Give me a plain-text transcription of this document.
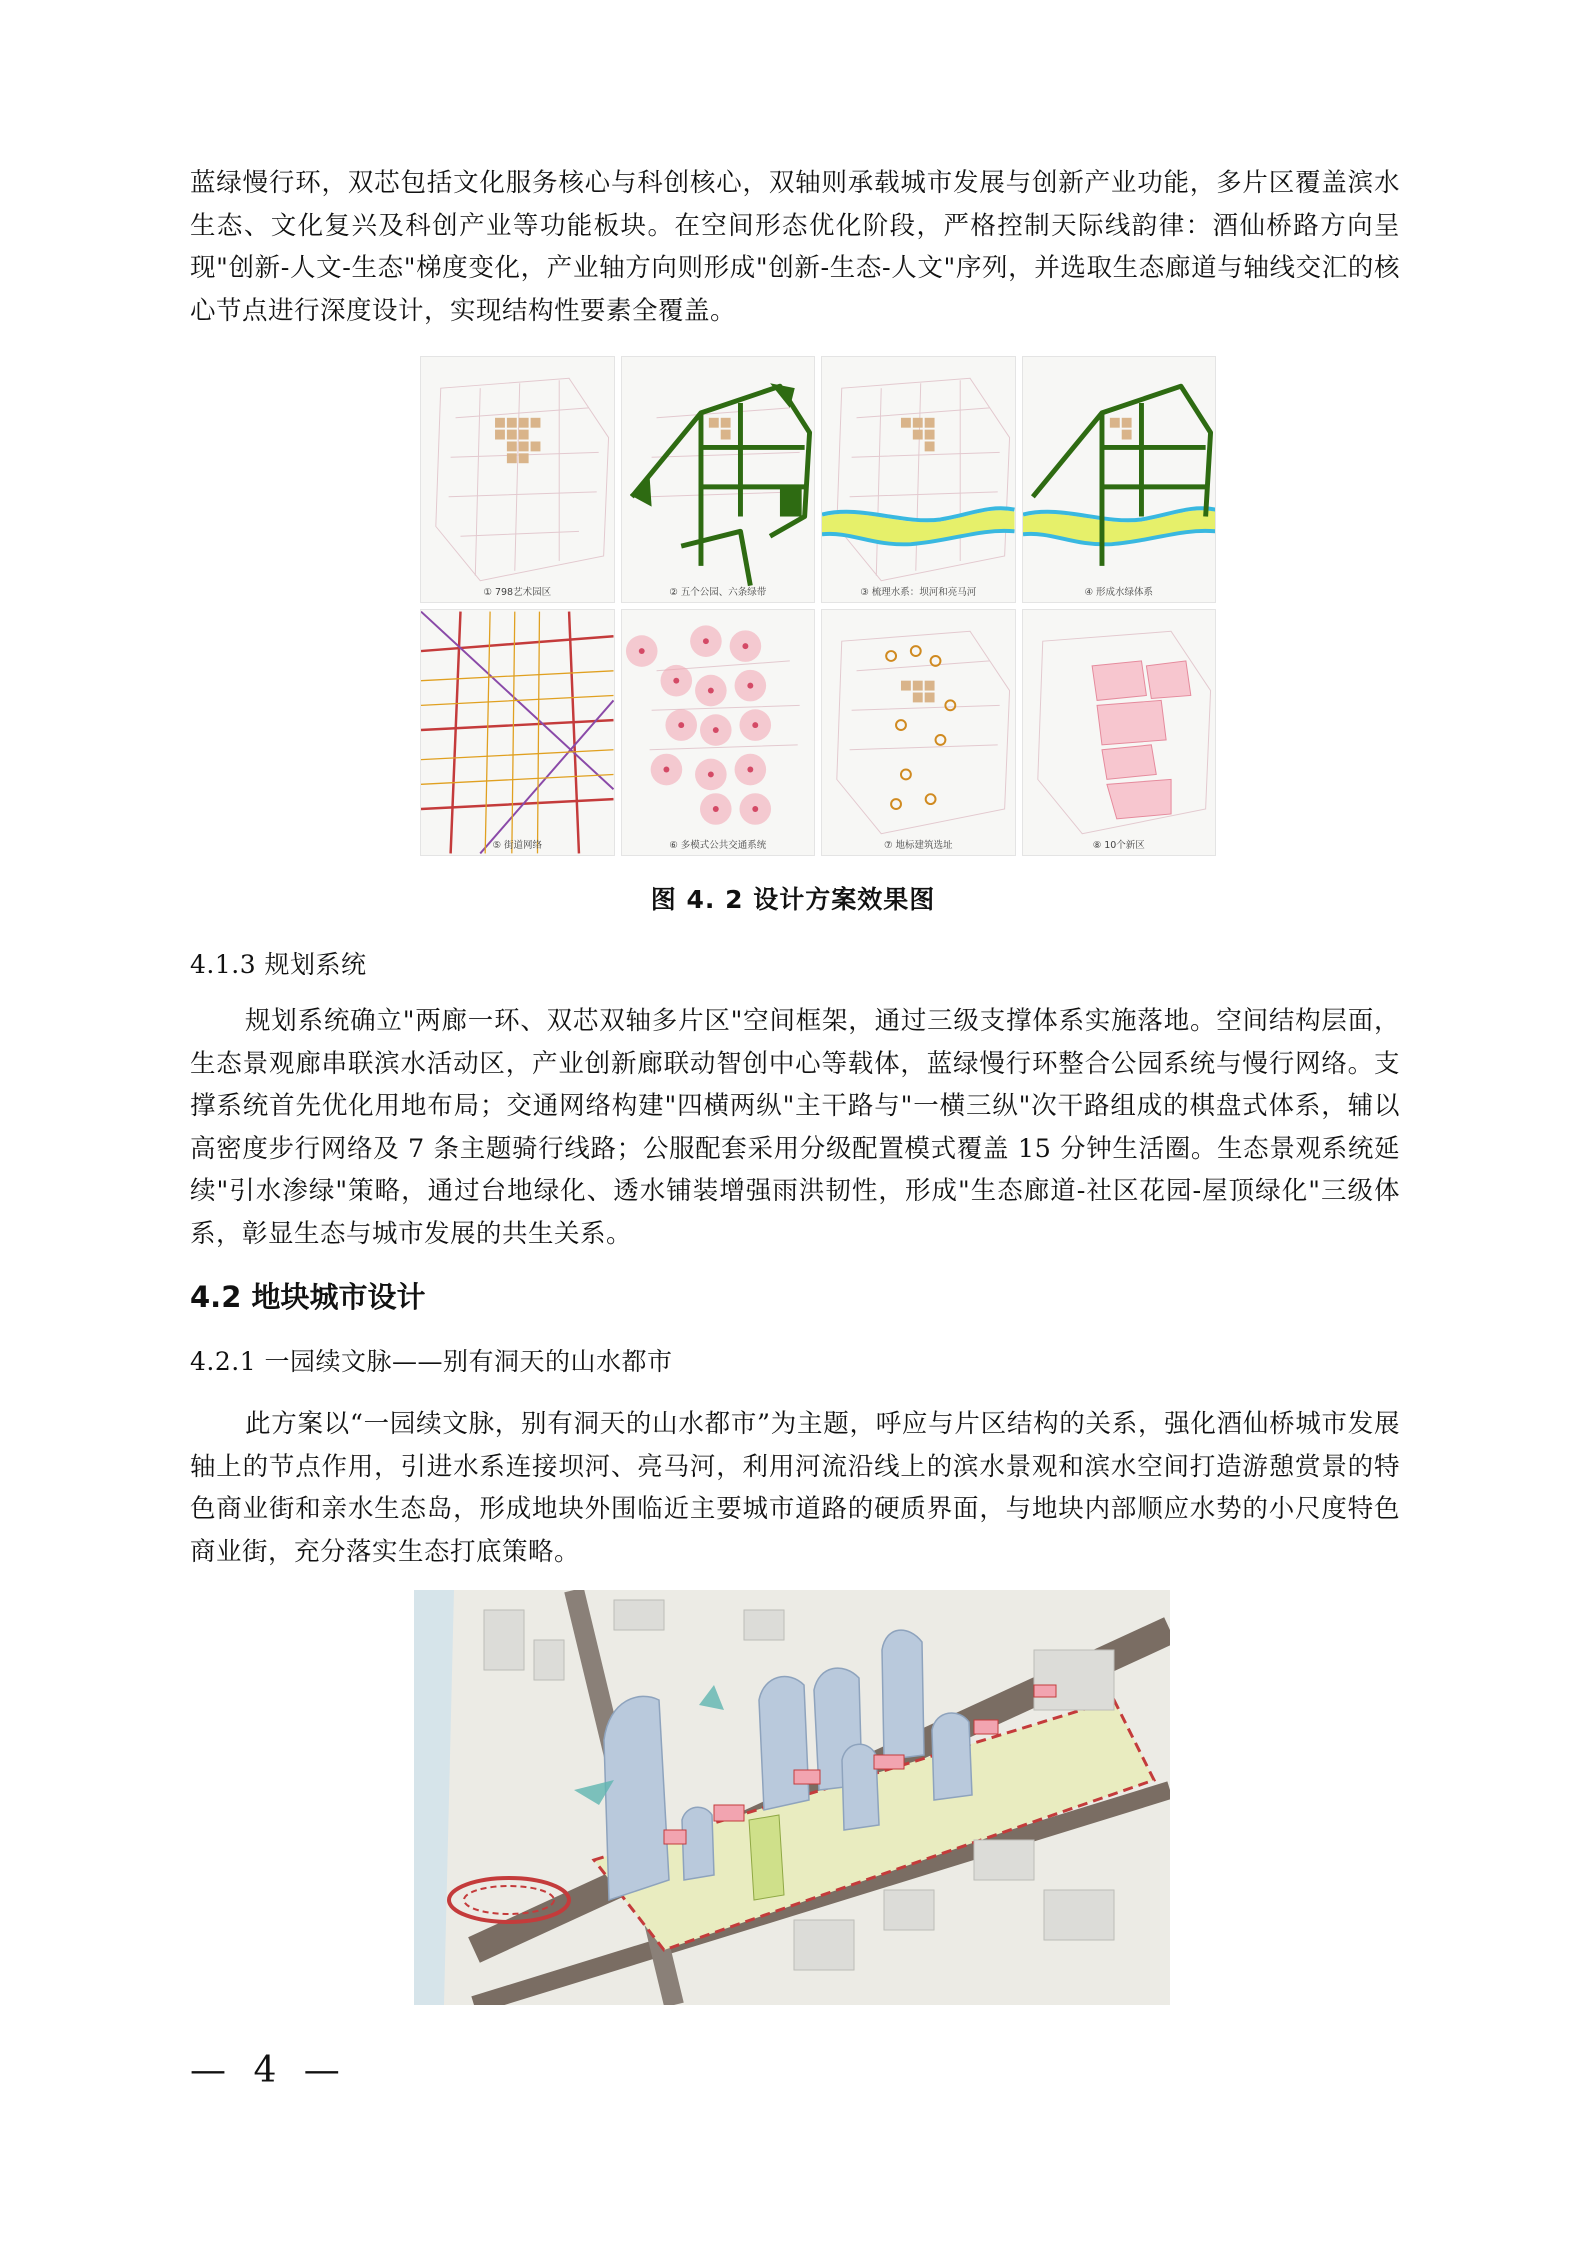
蓝绿慢行环，双芯包括文化服务核心与科创核心，双轴则承载城市发展与创新产业功能，多片区覆盖滨水生态、文化复兴及科创产业等功能板块。在空间形态优化阶段，严格控制天际线韵律：酒仙桥路方向呈现"创新-人文-生态"梯度变化，产业轴方向则形成"创新-生态-人文"序列，并选取生态廊道与轴线交汇的核心节点进行深度设计，实现结构性要素全覆盖。

① 798艺术园区	② 五个公园、六条绿带	③ 梳理水系：坝河和亮马河	④ 形成水绿体系
⑤ 街道网络	⑥ 多模式公共交通系统	⑦ 地标建筑选址	⑧ 10个新区

图 4. 2 设计方案效果图

4.1.3 规划系统

规划系统确立"两廊一环、双芯双轴多片区"空间框架，通过三级支撑体系实施落地。空间结构层面，生态景观廊串联滨水活动区，产业创新廊联动智创中心等载体，蓝绿慢行环整合公园系统与慢行网络。支撑系统首先优化用地布局；交通网络构建"四横两纵"主干路与"一横三纵"次干路组成的棋盘式体系，辅以高密度步行网络及 7 条主题骑行线路；公服配套采用分级配置模式覆盖 15 分钟生活圈。生态景观系统延续"引水渗绿"策略，通过台地绿化、透水铺装增强雨洪韧性，形成"生态廊道-社区花园-屋顶绿化"三级体系，彰显生态与城市发展的共生关系。

4.2 地块城市设计

4.2.1 一园续文脉——别有洞天的山水都市

此方案以“一园续文脉，别有洞天的山水都市”为主题，呼应与片区结构的关系，强化酒仙桥城市发展轴上的节点作用，引进水系连接坝河、亮马河，利用河流沿线上的滨水景观和滨水空间打造游憩赏景的特色商业街和亲水生态岛，形成地块外围临近主要城市道路的硬质界面，与地块内部顺应水势的小尺度特色商业街，充分落实生态打底策略。

— 4 —
